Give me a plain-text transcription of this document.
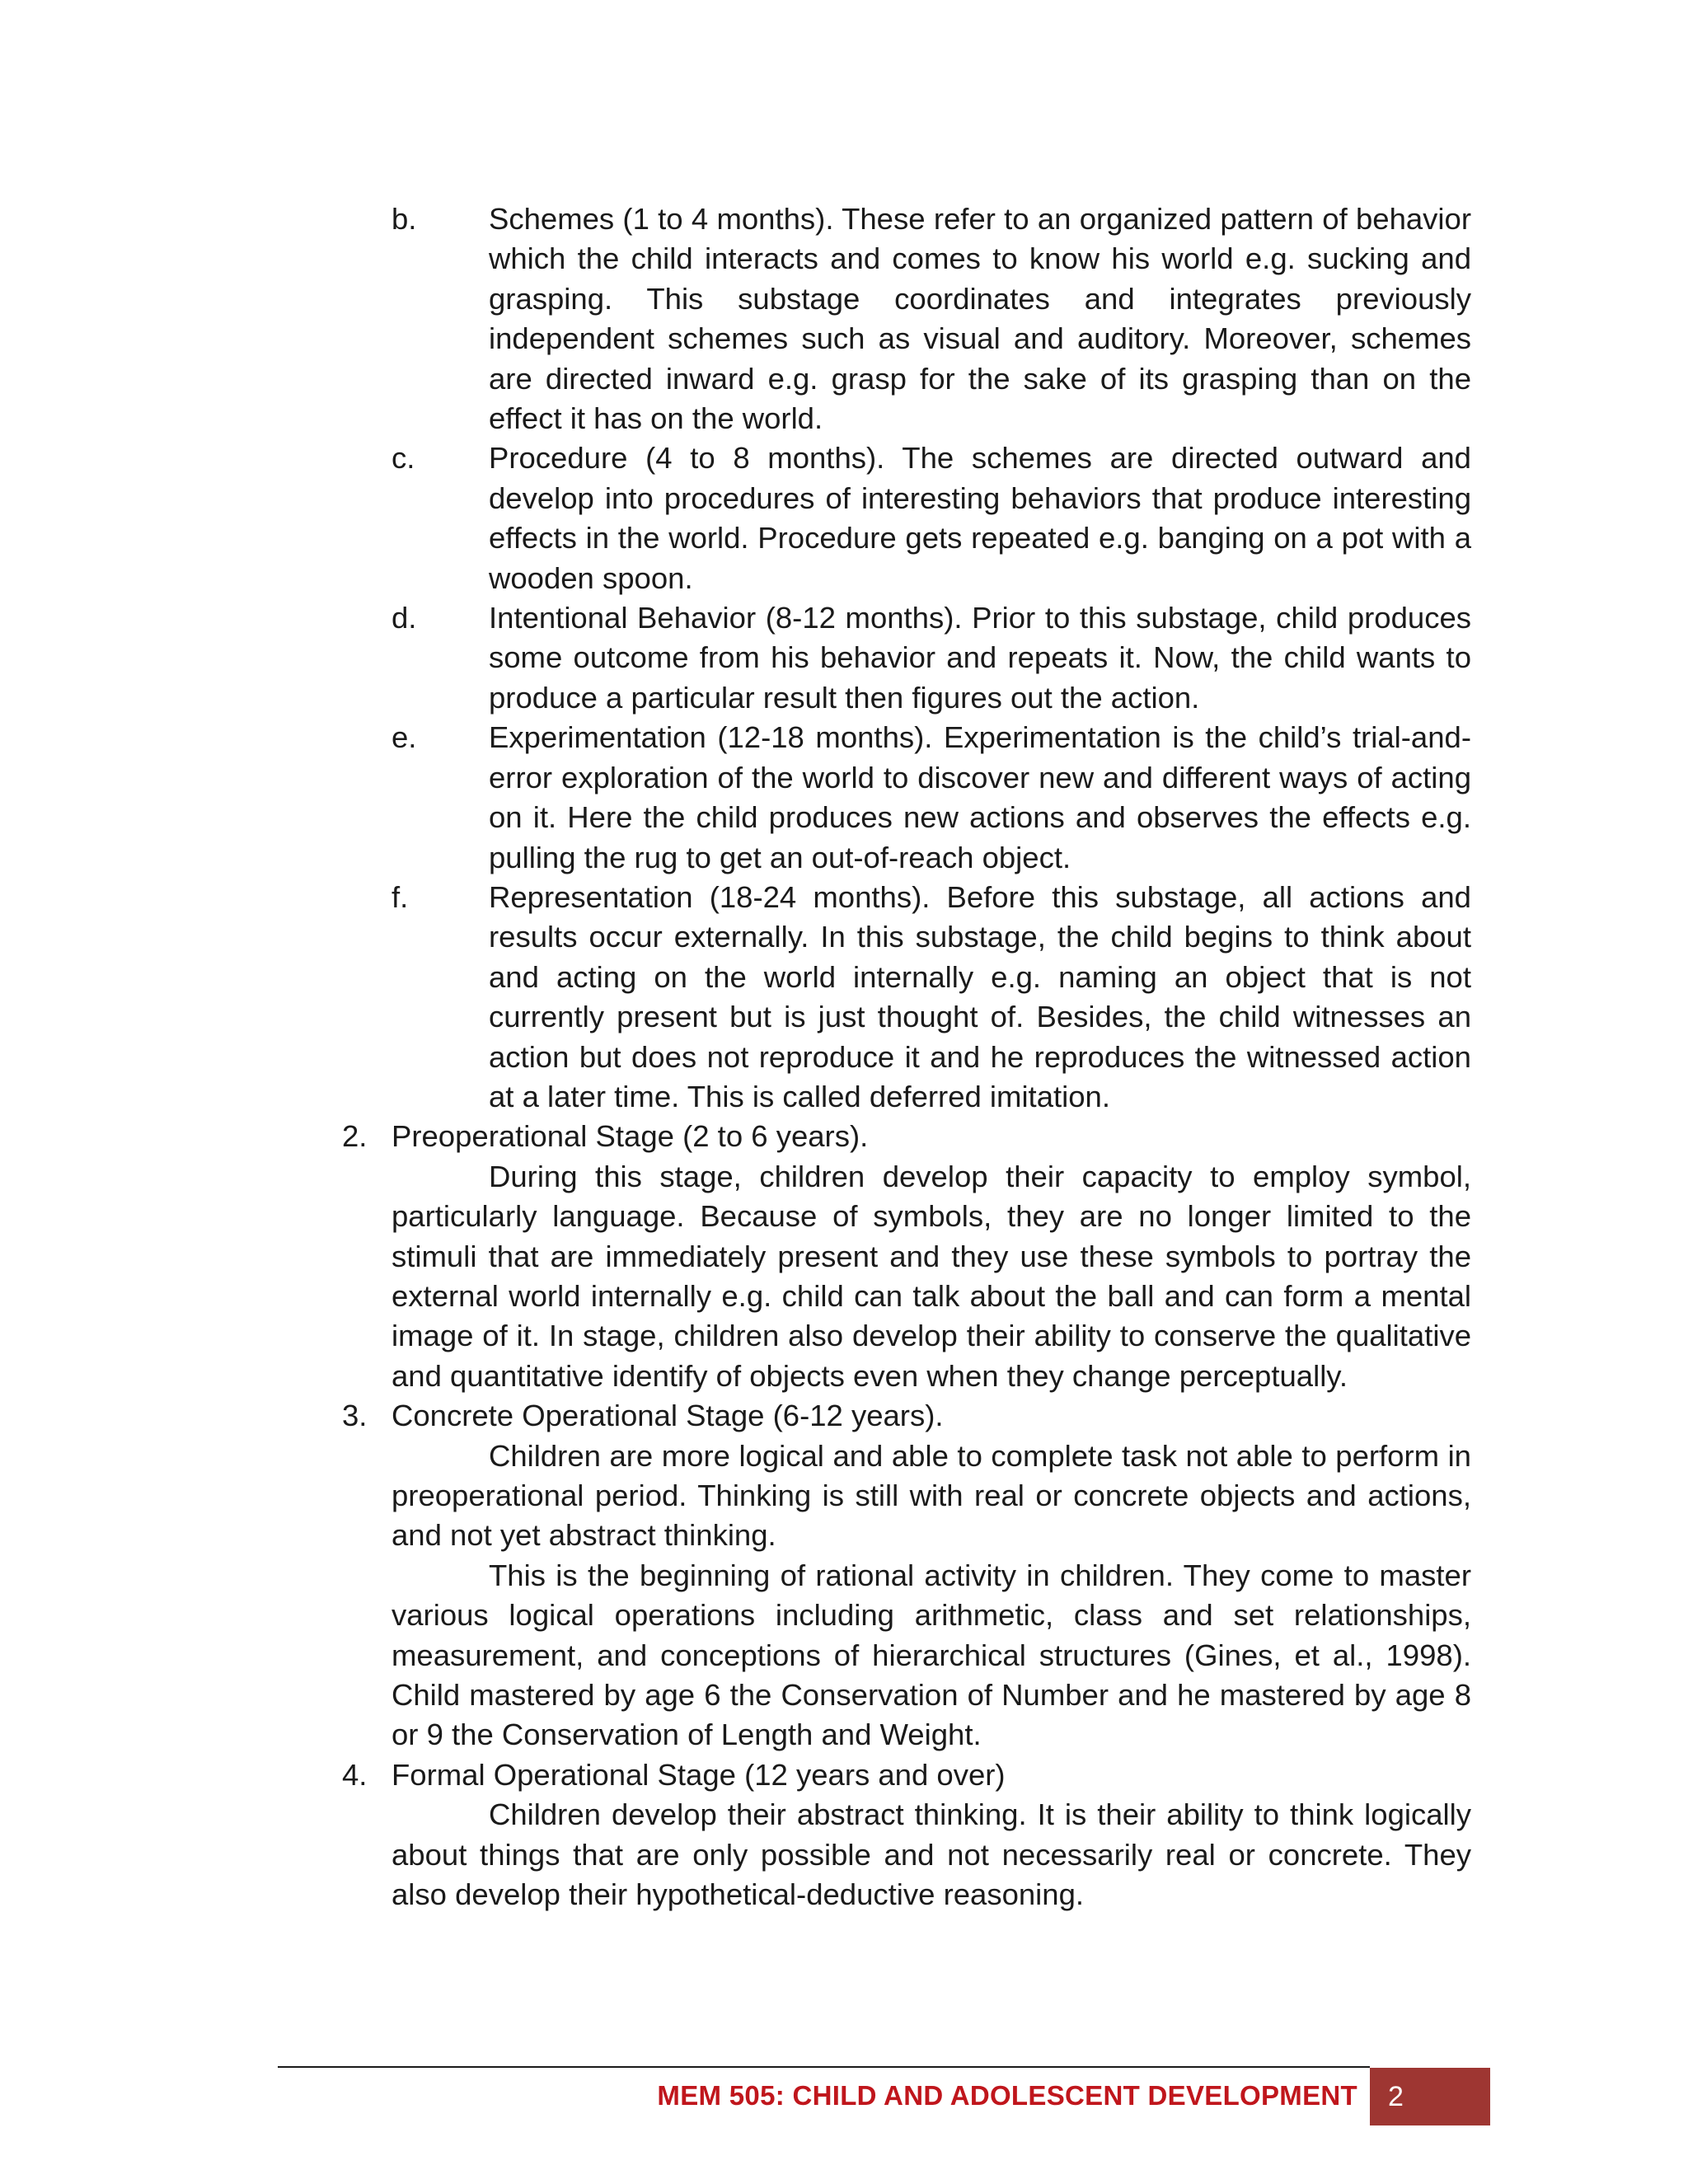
b.	Schemes (1 to 4 months). These refer to an organized pattern of behavior which the child interacts and comes to know his world e.g. sucking and grasping. This substage coordinates and integrates previously independent schemes such as visual and auditory. Moreover, schemes are directed inward e.g. grasp for the sake of its grasping than on the effect it has on the world.
c.	Procedure (4 to 8 months). The schemes are directed outward and develop into procedures of interesting behaviors that produce interesting effects in the world. Procedure gets repeated e.g. banging on a pot with a wooden spoon.
d.	Intentional Behavior (8-12 months). Prior to this substage, child produces some outcome from his behavior and repeats it. Now, the child wants to produce a particular result then figures out the action.
e.	Experimentation (12-18 months). Experimentation is the child’s trial-and-error exploration of the world to discover new and different ways of acting on it. Here the child produces new actions and observes the effects e.g. pulling the rug to get an out-of-reach object.
f.	Representation (18-24 months). Before this substage, all actions and results occur externally. In this substage, the child begins to think about and acting on the world internally e.g. naming an object that is not currently present but is just thought of. Besides, the child witnesses an action but does not reproduce it and he reproduces the witnessed action at a later time. This is called deferred imitation.
2. Preoperational Stage (2 to 6 years).

During this stage, children develop their capacity to employ symbol, particularly language. Because of symbols, they are no longer limited to the stimuli that are immediately present and they use these symbols to portray the external world internally e.g. child can talk about the ball and can form a mental image of it. In stage, children also develop their ability to conserve the qualitative and quantitative identify of objects even when they change perceptually.

3. Concrete Operational Stage (6-12 years).

Children are more logical and able to complete task not able to perform in preoperational period. Thinking is still with real or concrete objects and actions, and not yet abstract thinking.

This is the beginning of rational activity in children. They come to master various logical operations including arithmetic, class and set relationships, measurement, and conceptions of hierarchical structures (Gines, et al., 1998). Child mastered by age 6 the Conservation of Number and he mastered by age 8 or 9 the Conservation of Length and Weight.

4. Formal Operational Stage (12 years and over)

Children develop their abstract thinking. It is their ability to think logically about things that are only possible and not necessarily real or concrete. They also develop their hypothetical-deductive reasoning.

MEM 505: CHILD AND ADOLESCENT DEVELOPMENT	2
